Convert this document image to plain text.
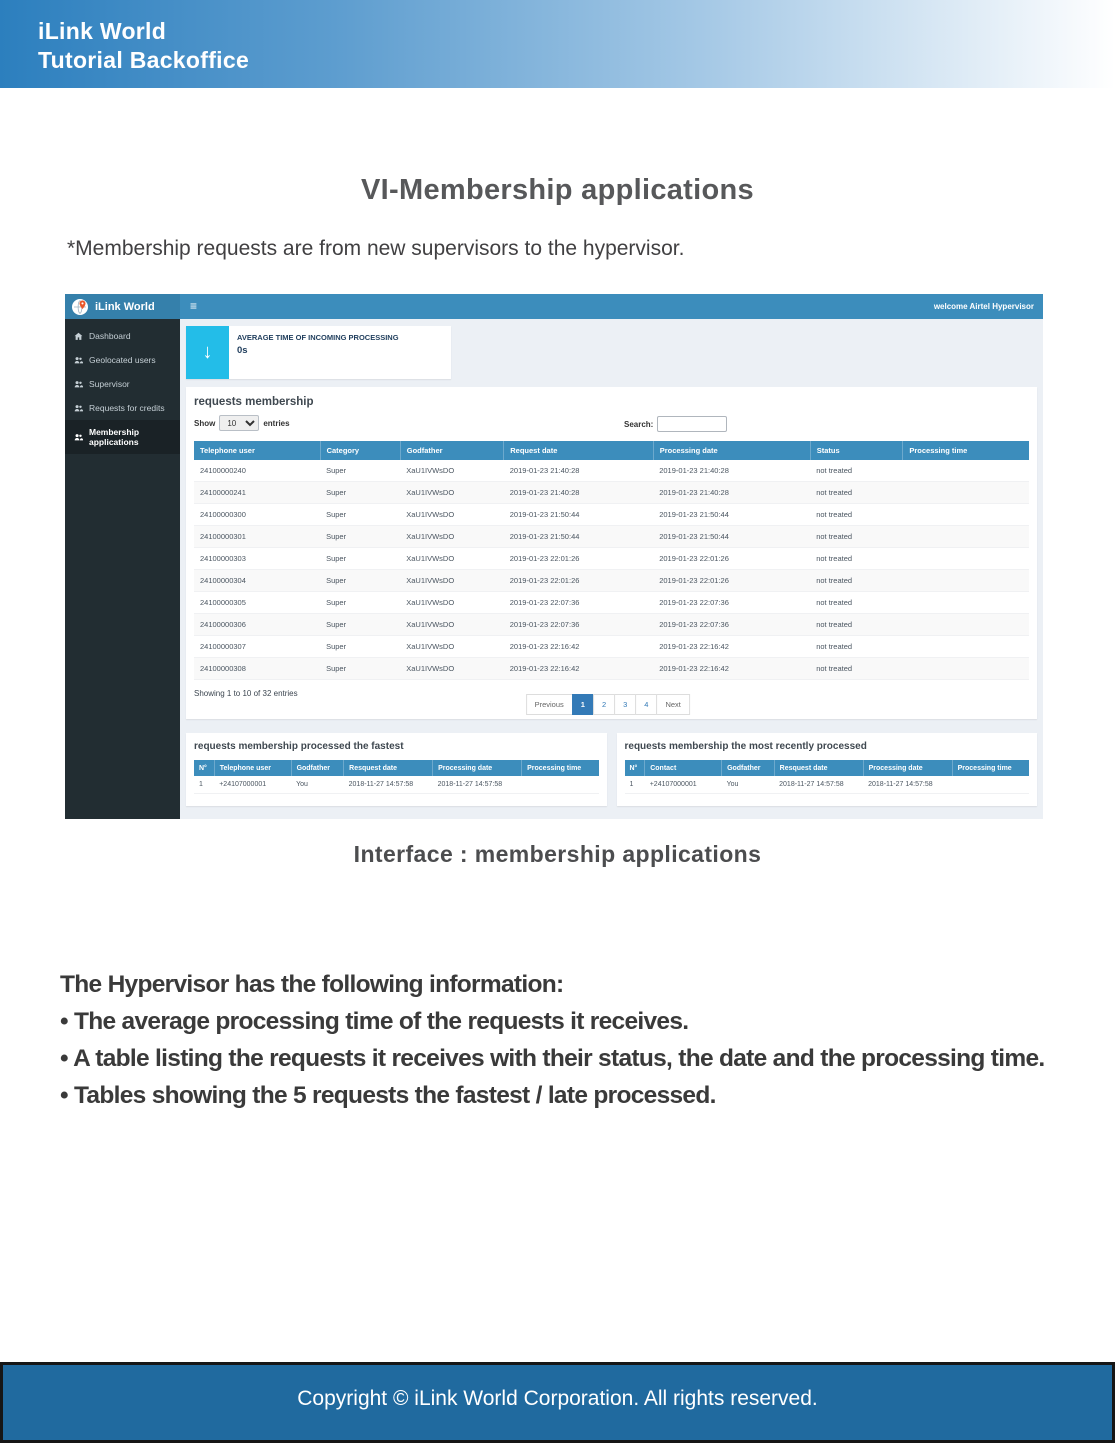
iLink World
Tutorial Backoffice
VI-Membership applications
*Membership requests are from new supervisors to the hypervisor.
iLink World	≡	welcome Airtel Hypervisor
Dashboard
Geolocated users
Supervisor
Requests for credits
Membership applications
↓
AVERAGE TIME OF INCOMING PROCESSING
0s
requests membership
Show
10	entries	Search:
Telephone user	Category	Godfather	Request date	Processing date	Status	Processing time
24100000240	Super	XaU1IVWsDO	2019-01-23 21:40:28	2019-01-23 21:40:28	not treated	
24100000241	Super	XaU1IVWsDO	2019-01-23 21:40:28	2019-01-23 21:40:28	not treated	
24100000300	Super	XaU1IVWsDO	2019-01-23 21:50:44	2019-01-23 21:50:44	not treated	
24100000301	Super	XaU1IVWsDO	2019-01-23 21:50:44	2019-01-23 21:50:44	not treated	
24100000303	Super	XaU1IVWsDO	2019-01-23 22:01:26	2019-01-23 22:01:26	not treated	
24100000304	Super	XaU1IVWsDO	2019-01-23 22:01:26	2019-01-23 22:01:26	not treated	
24100000305	Super	XaU1IVWsDO	2019-01-23 22:07:36	2019-01-23 22:07:36	not treated	
24100000306	Super	XaU1IVWsDO	2019-01-23 22:07:36	2019-01-23 22:07:36	not treated	
24100000307	Super	XaU1IVWsDO	2019-01-23 22:16:42	2019-01-23 22:16:42	not treated	
24100000308	Super	XaU1IVWsDO	2019-01-23 22:16:42	2019-01-23 22:16:42	not treated	
Showing 1 to 10 of 32 entries
Previous	1	2	3	4	Next
requests membership processed the fastest
N°	Telephone user	Godfather	Resquest date	Processing date	Processing time
1	+24107000001	You	2018-11-27 14:57:58	2018-11-27 14:57:58	
requests membership the most recently processed
N°	Contact	Godfather	Resquest date	Processing date	Processing time
1	+24107000001	You	2018-11-27 14:57:58	2018-11-27 14:57:58	
Interface : membership applications

The Hypervisor has the following information:

• The average processing time of the requests it receives.

• A table listing the requests it receives with their status, the date and the processing time.

• Tables showing the 5 requests the fastest / late processed.

Copyright © iLink World Corporation. All rights reserved.
